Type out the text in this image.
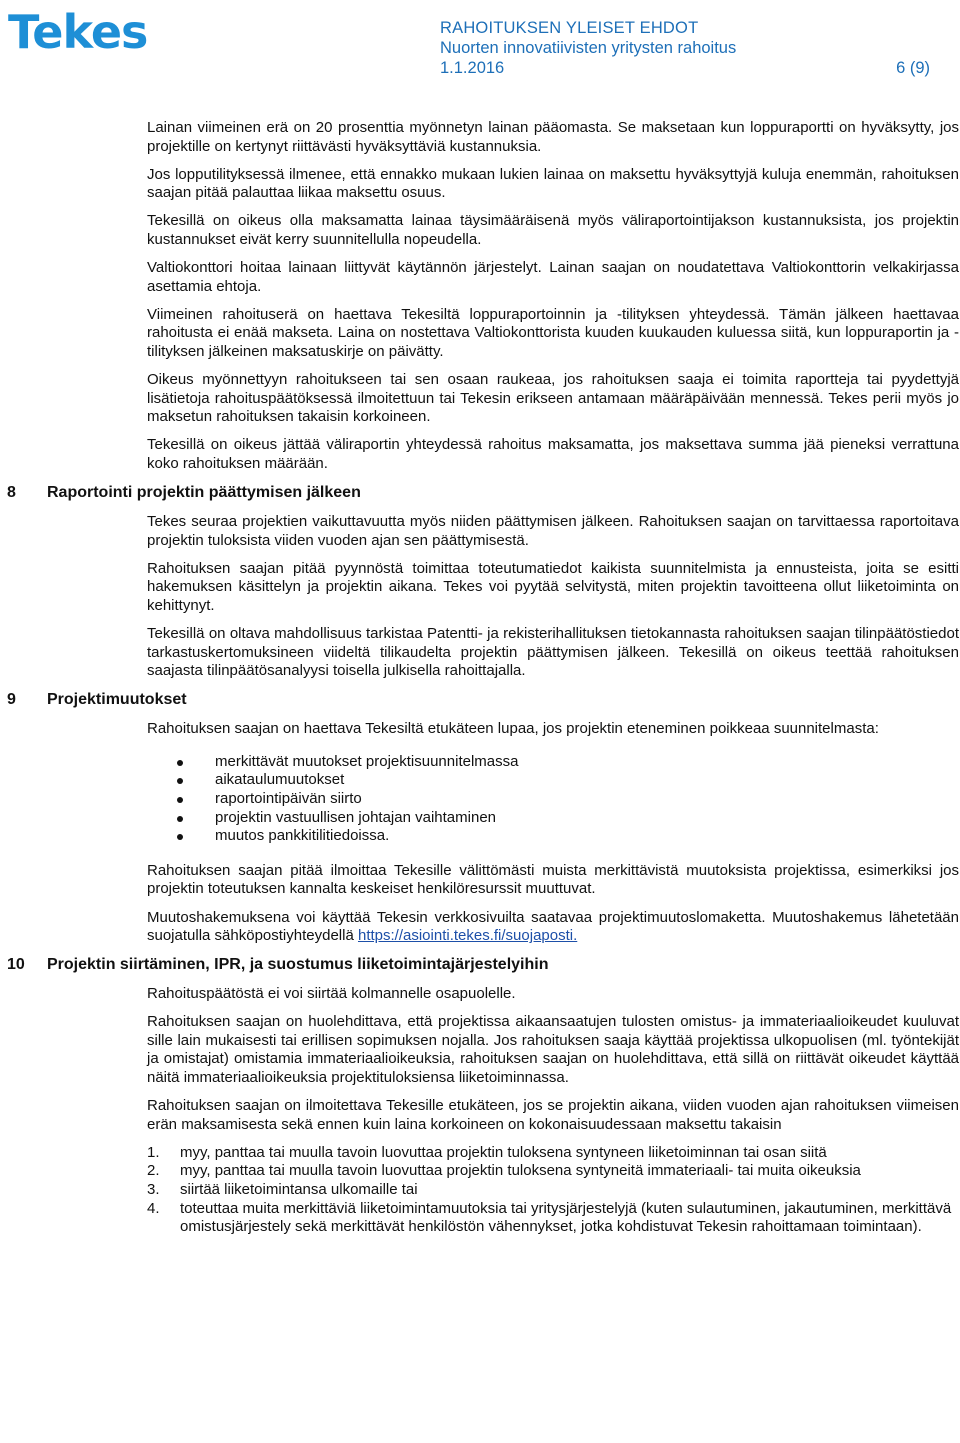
Tekes	RAHOITUKSEN YLEISET EHDOT
Nuorten innovatiivisten yritysten rahoitus
1.1.2016	6 (9)

Lainan viimeinen erä on 20 prosenttia myönnetyn lainan pääomasta. Se maksetaan kun loppuraportti on hyväksytty, jos projektille on kertynyt riittävästi hyväksyttäviä kustannuksia.

Jos lopputilityksessä ilmenee, että ennakko mukaan lukien lainaa on maksettu hyväksyttyjä kuluja enemmän, rahoituksen saajan pitää palauttaa liikaa maksettu osuus.

Tekesillä on oikeus olla maksamatta lainaa täysimääräisenä myös väliraportointijakson kustannuksista, jos projektin kustannukset eivät kerry suunnitellulla nopeudella.

Valtiokonttori hoitaa lainaan liittyvät käytännön järjestelyt. Lainan saajan on noudatettava Valtiokonttorin velkakirjassa asettamia ehtoja.

Viimeinen rahoituserä on haettava Tekesiltä loppuraportoinnin ja -tilityksen yhteydessä. Tämän jälkeen haettavaa rahoitusta ei enää makseta. Laina on nostettava Valtiokonttorista kuuden kuukauden kuluessa siitä, kun loppuraportin ja -tilityksen jälkeinen maksatuskirje on päivätty.

Oikeus myönnettyyn rahoitukseen tai sen osaan raukeaa, jos rahoituksen saaja ei toimita raportteja tai pyydettyjä lisätietoja rahoituspäätöksessä ilmoitettuun tai Tekesin erikseen antamaan määräpäivään mennessä. Tekes perii myös jo maksetun rahoituksen takaisin korkoineen.

Tekesillä on oikeus jättää väliraportin yhteydessä rahoitus maksamatta, jos maksettava summa jää pieneksi verrattuna koko rahoituksen määrään.

8	Raportointi projektin päättymisen jälkeen

Tekes seuraa projektien vaikuttavuutta myös niiden päättymisen jälkeen. Rahoituksen saajan on tarvittaessa raportoitava projektin tuloksista viiden vuoden ajan sen päättymisestä.

Rahoituksen saajan pitää pyynnöstä toimittaa toteutumatiedot kaikista suunnitelmista ja ennusteista, joita se esitti hakemuksen käsittelyn ja projektin aikana. Tekes voi pyytää selvitystä, miten projektin tavoitteena ollut liiketoiminta on kehittynyt.

Tekesillä on oltava mahdollisuus tarkistaa Patentti- ja rekisterihallituksen tietokannasta rahoituksen saajan tilinpäätöstiedot tarkastuskertomuksineen viideltä tilikaudelta projektin päättymisen jälkeen. Tekesillä on oikeus teettää rahoituksen saajasta tilinpäätösanalyysi toisella julkisella rahoittajalla.

9	Projektimuutokset

Rahoituksen saajan on haettava Tekesiltä etukäteen lupaa, jos projektin eteneminen poikkeaa suunnitelmasta:

merkittävät muutokset projektisuunnitelmassa
aikataulumuutokset
raportointipäivän siirto
projektin vastuullisen johtajan vaihtaminen
muutos pankkitilitiedoissa.

Rahoituksen saajan pitää ilmoittaa Tekesille välittömästi muista merkittävistä muutoksista projektissa, esimerkiksi jos projektin toteutuksen kannalta keskeiset henkilöresurssit muuttuvat.

Muutoshakemuksena voi käyttää Tekesin verkkosivuilta saatavaa projektimuutoslomaketta. Muutoshakemus lähetetään suojatulla sähköpostiyhteydellä https://asiointi.tekes.fi/suojaposti.

10	Projektin siirtäminen, IPR, ja suostumus liiketoimintajärjestelyihin

Rahoituspäätöstä ei voi siirtää kolmannelle osapuolelle.

Rahoituksen saajan on huolehdittava, että projektissa aikaansaatujen tulosten omistus- ja immateriaalioikeudet kuuluvat sille lain mukaisesti tai erillisen sopimuksen nojalla. Jos rahoituksen saaja käyttää projektissa ulkopuolisen (ml. työntekijät ja omistajat) omistamia immateriaalioikeuksia, rahoituksen saajan on huolehdittava, että sillä on riittävät oikeudet käyttää näitä immateriaalioikeuksia projektituloksiensa liiketoiminnassa.

Rahoituksen saajan on ilmoitettava Tekesille etukäteen, jos se projektin aikana, viiden vuoden ajan rahoituksen viimeisen erän maksamisesta sekä ennen kuin laina korkoineen on kokonaisuudessaan maksettu takaisin

1. myy, panttaa tai muulla tavoin luovuttaa projektin tuloksena syntyneen liiketoiminnan tai osan siitä
2. myy, panttaa tai muulla tavoin luovuttaa projektin tuloksena syntyneitä immateriaali- tai muita oikeuksia
3. siirtää liiketoimintansa ulkomaille tai
4. toteuttaa muita merkittäviä liiketoimintamuutoksia tai yritysjärjestelyjä (kuten sulautuminen, jakautuminen, merkittävä omistusjärjestely sekä merkittävät henkilöstön vähennykset, jotka kohdistuvat Tekesin rahoittamaan toimintaan).
